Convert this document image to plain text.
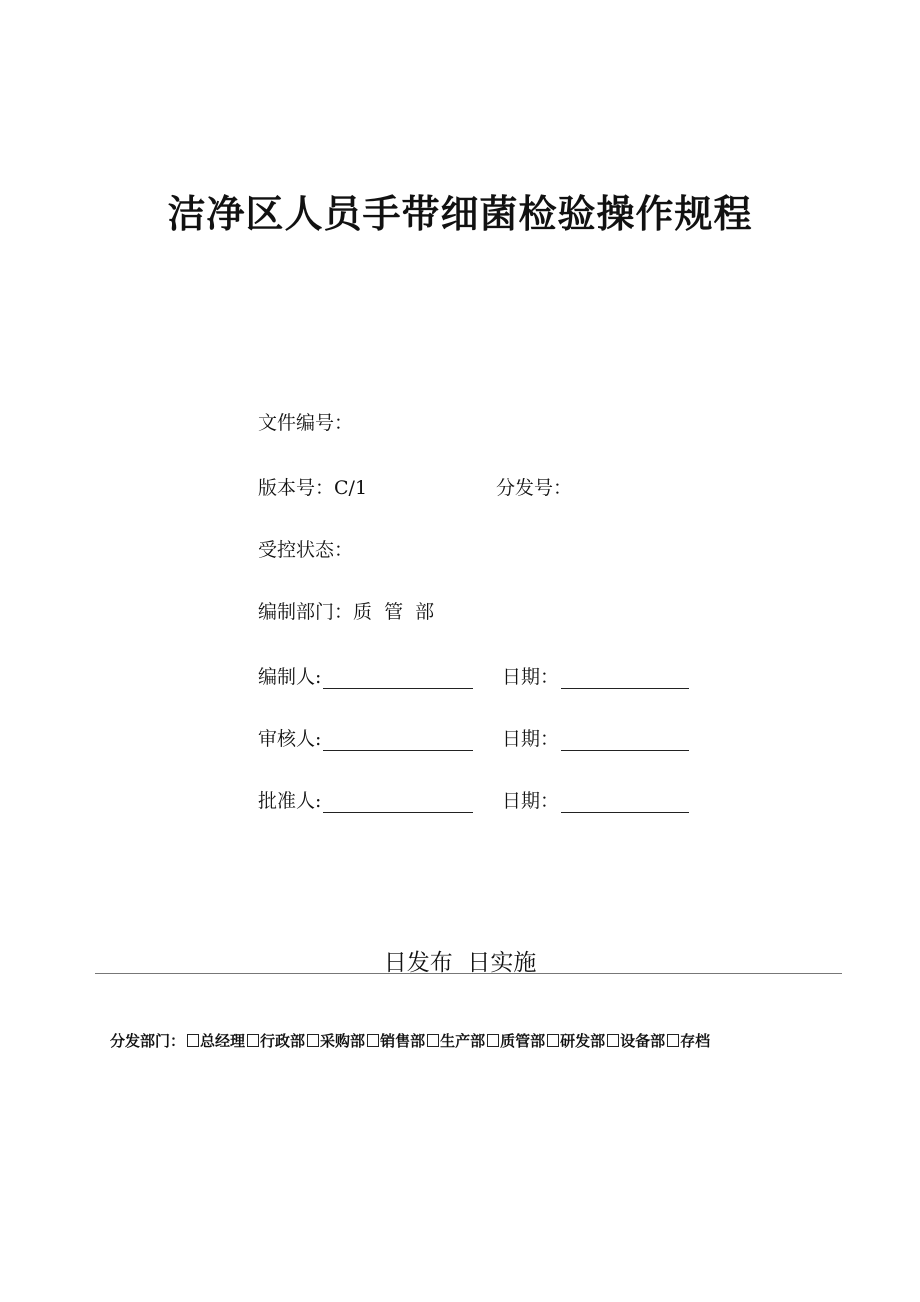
洁净区人员手带细菌检验操作规程
文件编号：
版本号：C/1	分发号：
受控状态：
编制部门：质  管  部
编制人:	日期：
审核人:	日期：
批准人:	日期：
日发布 日实施
分发部门： 总经理 行政部 采购部 销售部 生产部 质管部 研发部 设备部 存档
